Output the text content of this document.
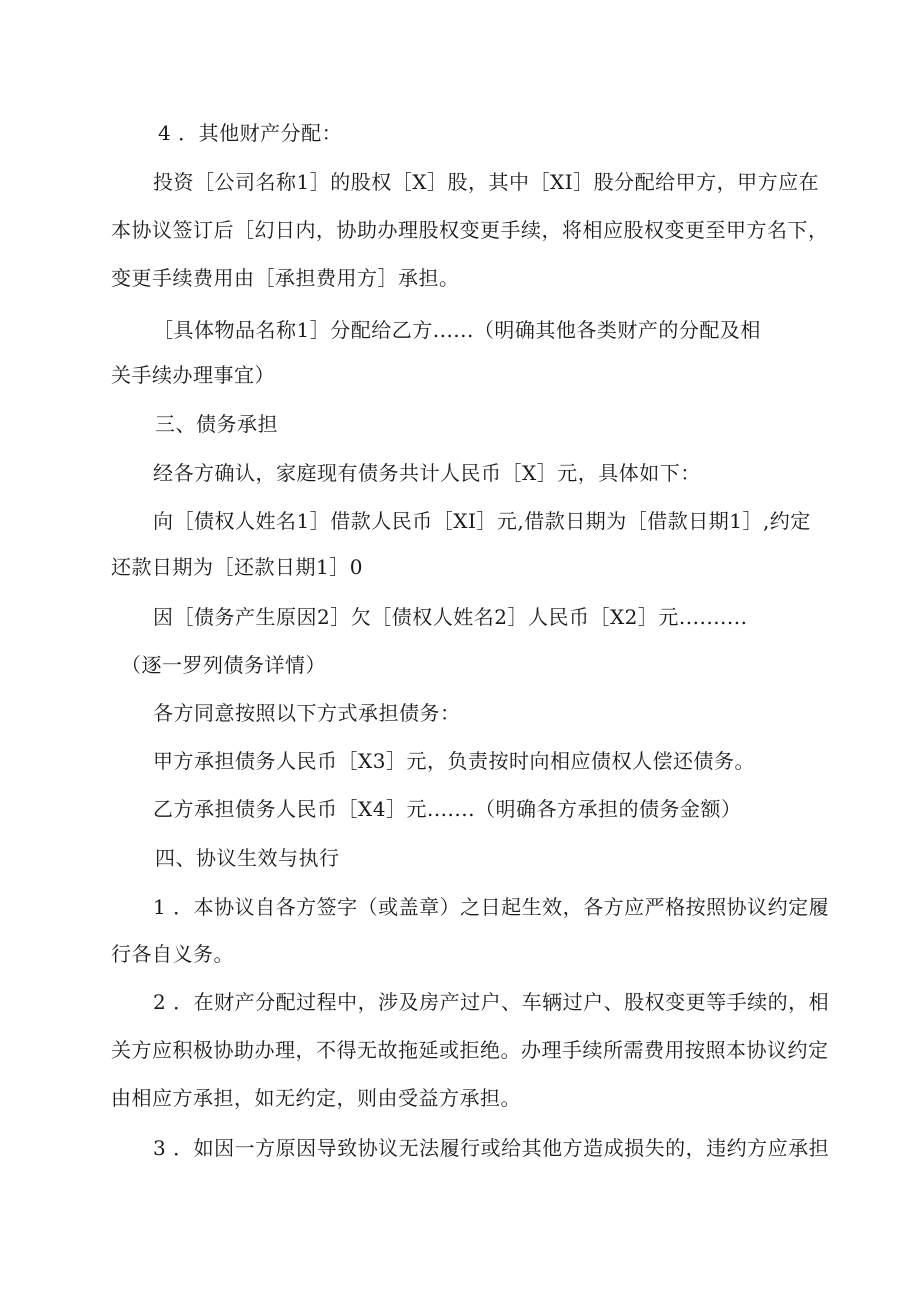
4 ．其他财产分配：
投资［公司名称1］的股权［X］股，其中［XI］股分配给甲方，甲方应在
本协议签订后［幻日内，协助办理股权变更手续，将相应股权变更至甲方名下，
变更手续费用由［承担费用方］承担。
［具体物品名称1］分配给乙方......（明确其他各类财产的分配及相
关手续办理事宜）
三、债务承担
经各方确认，家庭现有债务共计人民币［X］元，具体如下：
向［债权人姓名1］借款人民币［XI］元,借款日期为［借款日期1］,约定
还款日期为［还款日期1］0
因［债务产生原因2］欠［债权人姓名2］人民币［X2］元..........
（逐一罗列债务详情）
各方同意按照以下方式承担债务：
甲方承担债务人民币［X3］元，负责按时向相应债权人偿还债务。
乙方承担债务人民币［X4］元.......（明确各方承担的债务金额）
四、协议生效与执行
1 ．本协议自各方签字（或盖章）之日起生效，各方应严格按照协议约定履
行各自义务。
2 ．在财产分配过程中，涉及房产过户、车辆过户、股权变更等手续的，相
关方应积极协助办理，不得无故拖延或拒绝。办理手续所需费用按照本协议约定
由相应方承担，如无约定，则由受益方承担。
3 ．如因一方原因导致协议无法履行或给其他方造成损失的，违约方应承担
